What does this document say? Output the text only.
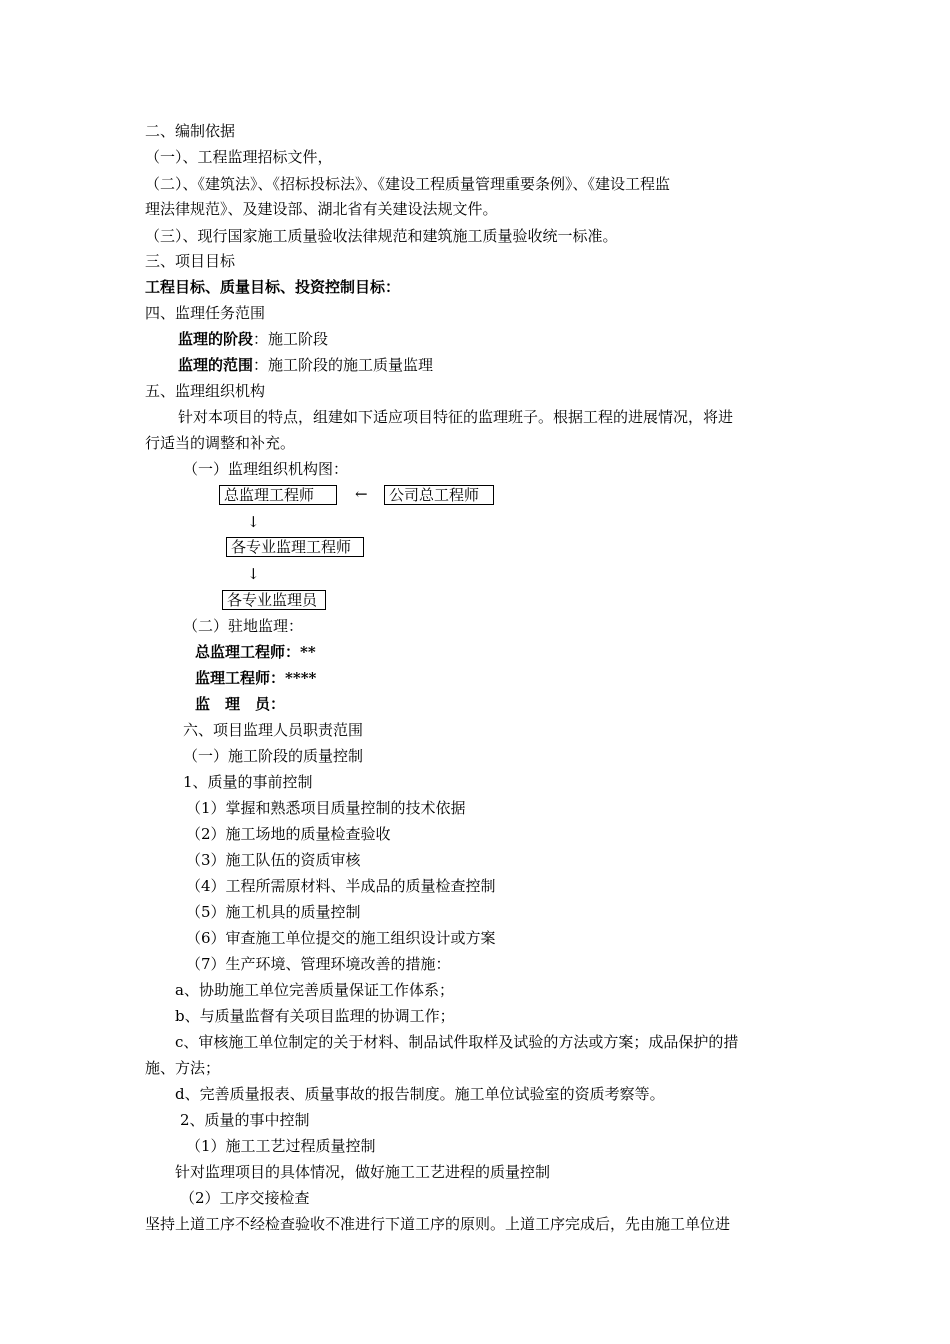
二、编制依据
（一）、工程监理招标文件，
（二）、《建筑法》、《招标投标法》、《建设工程质量管理重要条例》、《建设工程监
理法律规范》、及建设部、湖北省有关建设法规文件。
（三）、现行国家施工质量验收法律规范和建筑施工质量验收统一标准。
三、项目目标
工程目标、质量目标、投资控制目标：
四、监理任务范围
监理的阶段：施工阶段
监理的范围：施工阶段的施工质量监理
五、监理组织机构
针对本项目的特点，组建如下适应项目特征的监理班子。根据工程的进展情况，将进
行适当的调整和补充。
（一）监理组织机构图：
总监理工程师	←	公司总工程师
↓
各专业监理工程师
↓
各专业监理员
（二）驻地监理：
总监理工程师：**
监理工程师：****
监　理　员：
六、项目监理人员职责范围
（一）施工阶段的质量控制
1、质量的事前控制
（1）掌握和熟悉项目质量控制的技术依据
（2）施工场地的质量检查验收
（3）施工队伍的资质审核
（4）工程所需原材料、半成品的质量检查控制
（5）施工机具的质量控制
（6）审查施工单位提交的施工组织设计或方案
（7）生产环境、管理环境改善的措施：
a、协助施工单位完善质量保证工作体系；
b、与质量监督有关项目监理的协调工作；
c、审核施工单位制定的关于材料、制品试件取样及试验的方法或方案；成品保护的措
施、方法；
d、完善质量报表、质量事故的报告制度。施工单位试验室的资质考察等。
2、质量的事中控制
（1）施工工艺过程质量控制
针对监理项目的具体情况，做好施工工艺进程的质量控制
（2）工序交接检查
坚持上道工序不经检查验收不准进行下道工序的原则。上道工序完成后，先由施工单位进
